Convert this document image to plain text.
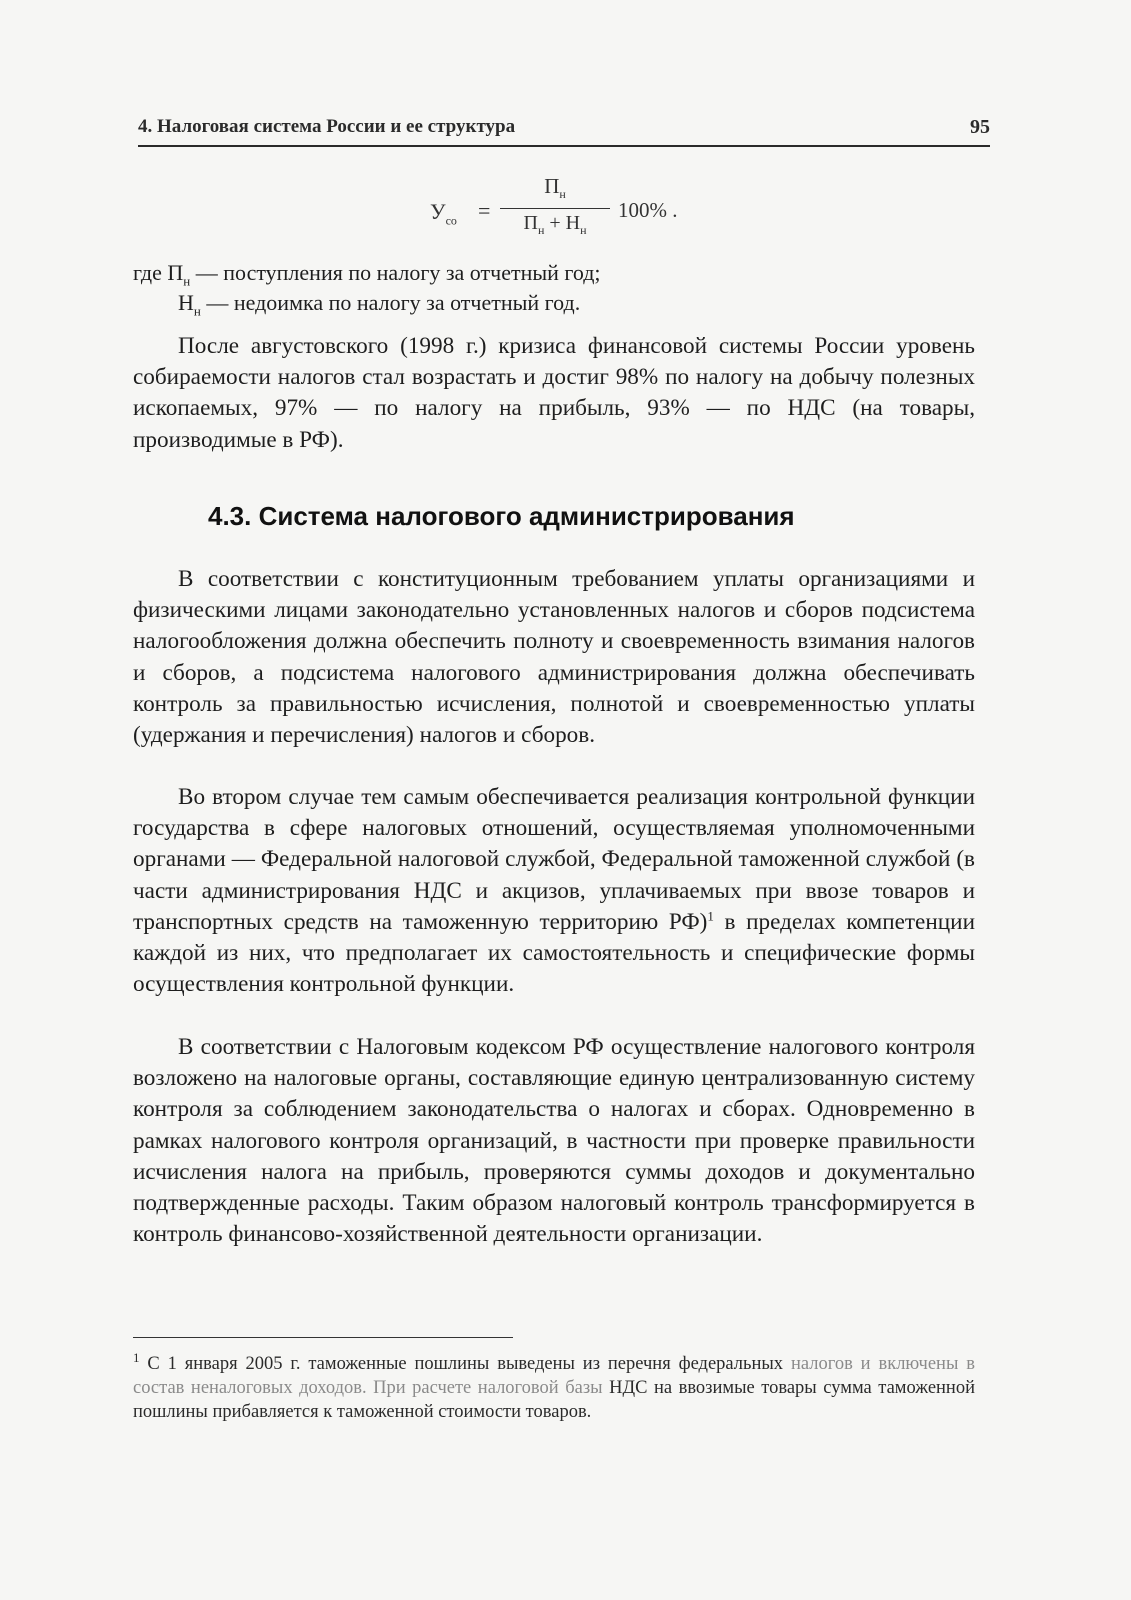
4. Налоговая система России и ее структура	95
$У_{со}$ =
$П_н$
$П_н + Н_н$
100% .
где $П_н$ — поступления по налогу за отчетный год;
$Н_н$ — недоимка по налогу за отчетный год.

После августовского (1998 г.) кризиса финансовой системы России уровень собираемости налогов стал возрастать и достиг 98% по налогу на добычу полезных ископаемых, 97% — по налогу на прибыль, 93% — по НДС (на товары, производимые в РФ).

4.3. Система налогового администрирования

В соответствии с конституционным требованием уплаты организациями и физическими лицами законодательно установленных налогов и сборов подсистема налогообложения должна обеспечить полноту и своевременность взимания налогов и сборов, а подсистема налогового администрирования должна обеспечивать контроль за правильностью исчисления, полнотой и своевременностью уплаты (удержания и перечисления) налогов и сборов.

Во втором случае тем самым обеспечивается реализация контрольной функции государства в сфере налоговых отношений, осуществляемая уполномоченными органами — Федеральной налоговой службой, Федеральной таможенной службой (в части администрирования НДС и акцизов, уплачиваемых при ввозе товаров и транспортных средств на таможенную территорию РФ)$^1$ в пределах компетенции каждой из них, что предполагает их самостоятельность и специфические формы осуществления контрольной функции.

В соответствии с Налоговым кодексом РФ осуществление налогового контроля возложено на налоговые органы, составляющие единую централизованную систему контроля за соблюдением законодательства о налогах и сборах. Одновременно в рамках налогового контроля организаций, в частности при проверке правильности исчисления налога на прибыль, проверяются суммы доходов и документально подтвержденные расходы. Таким образом налоговый контроль трансформируется в контроль финансово-хозяйственной деятельности организации.

$^1$ С 1 января 2005 г. таможенные пошлины выведены из перечня федеральных налогов и включены в состав неналоговых доходов. При расчете налоговой базы НДС на ввозимые товары сумма таможенной пошлины прибавляется к таможенной стоимости товаров.
